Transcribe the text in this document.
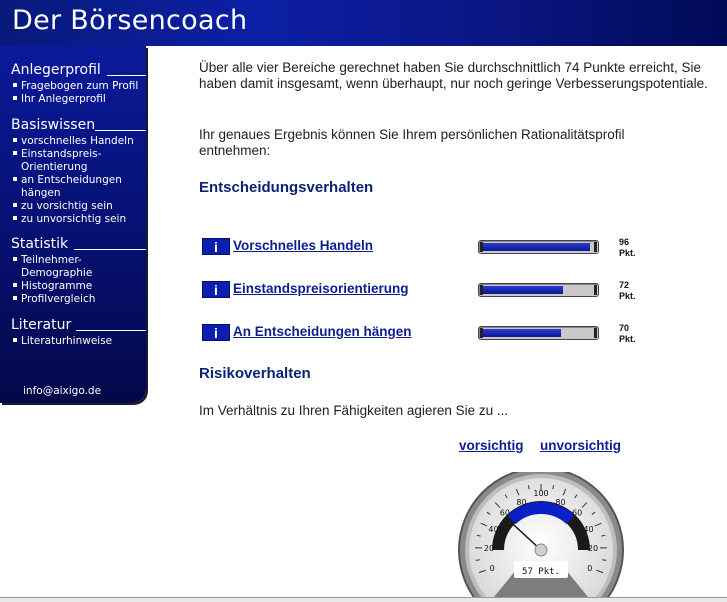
Der Börsencoach
Anlegerprofil
Fragebogen zum Profil
Ihr Anlegerprofil
Basiswissen
vorschnelles Handeln
Einstandspreis-
Orientierung
an Entscheidungen
hängen
zu vorsichtig sein
zu unvorsichtig sein
Statistik
Teilnehmer-
Demographie
Histogramme
Profilvergleich
Literatur
Literaturhinweise
info@aixigo.de
Über alle vier Bereiche gerechnet haben Sie durchschnittlich 74 Punkte erreicht, Sie haben damit insgesamt, wenn überhaupt, nur noch geringe Verbesserungspotentiale.
Ihr genaues Ergebnis können Sie Ihrem persönlichen Rationalitätsprofil entnehmen:
Entscheidungsverhalten
i	Vorschnelles Handeln	96
Pkt.
i	Einstandspreisorientierung	72
Pkt.
i	An Entscheidungen hängen	70
Pkt.
Risikoverhalten
Im Verhältnis zu Ihren Fähigkeiten agieren Sie zu ...
vorsichtig unvorsichtig
100
0
20
40
60
80	80
60
40
20
0
57 Pkt.
